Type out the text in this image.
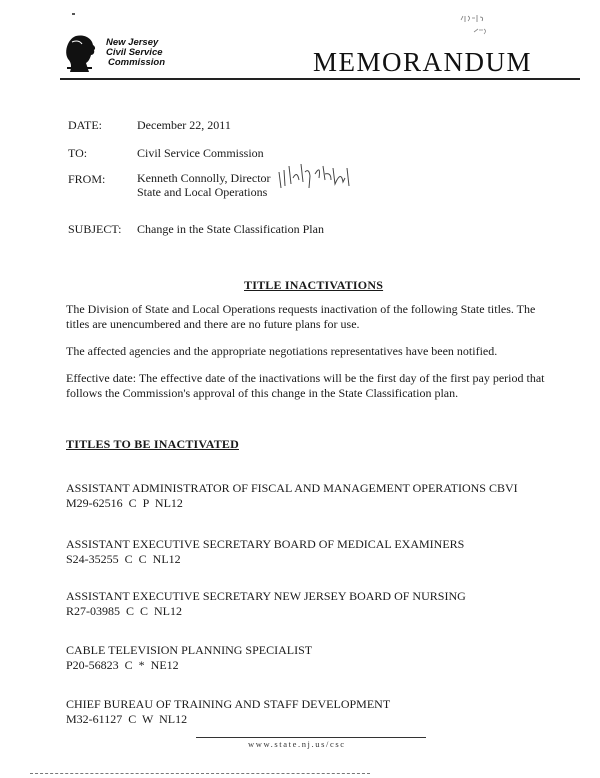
New Jersey
Civil Service
Commission	MEMORANDUM
DATE:	December 22, 2011
TO:	Civil Service Commission
FROM:	Kenneth Connolly, Director
State and Local Operations
SUBJECT: Change in the State Classification Plan
TITLE INACTIVATIONS
The Division of State and Local Operations requests inactivation of the following State titles. The titles are unencumbered and there are no future plans for use.
The affected agencies and the appropriate negotiations representatives have been notified.
Effective date: The effective date of the inactivations will be the first day of the first pay period that follows the Commission's approval of this change in the State Classification plan.
TITLES TO BE INACTIVATED
ASSISTANT ADMINISTRATOR OF FISCAL AND MANAGEMENT OPERATIONS CBVI
M29-62516  C  P  NL12
ASSISTANT EXECUTIVE SECRETARY BOARD OF MEDICAL EXAMINERS
S24-35255  C  C  NL12
ASSISTANT EXECUTIVE SECRETARY NEW JERSEY BOARD OF NURSING
R27-03985  C  C  NL12
CABLE TELEVISION PLANNING SPECIALIST
P20-56823  C  *  NE12
CHIEF BUREAU OF TRAINING AND STAFF DEVELOPMENT
M32-61127  C  W  NL12
www.state.nj.us/csc
